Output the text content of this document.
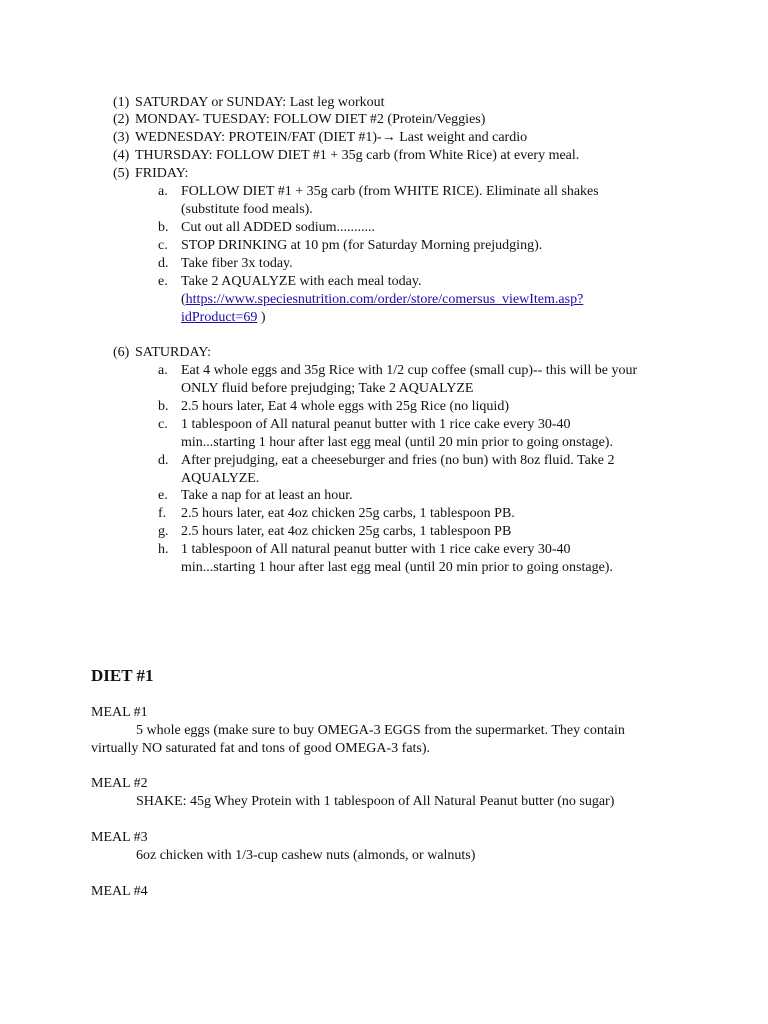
(1) SATURDAY or SUNDAY: Last leg workout
(2) MONDAY- TUESDAY: FOLLOW DIET #2 (Protein/Veggies)
(3) WEDNESDAY: PROTEIN/FAT (DIET #1)-→ Last weight and cardio
(4) THURSDAY: FOLLOW DIET #1 + 35g carb (from White Rice) at every meal.
(5) FRIDAY:
a. FOLLOW DIET #1 + 35g carb (from WHITE RICE). Eliminate all shakes
(substitute food meals).
b. Cut out all ADDED sodium...........
c. STOP DRINKING at 10 pm (for Saturday Morning prejudging).
d. Take fiber 3x today.
e. Take 2 AQUALYZE with each meal today.
(https://www.speciesnutrition.com/order/store/comersus_viewItem.asp?
idProduct=69 )
(6) SATURDAY:
a. Eat 4 whole eggs and 35g Rice with 1/2 cup coffee (small cup)-- this will be your
ONLY fluid before prejudging; Take 2 AQUALYZE
b. 2.5 hours later, Eat 4 whole eggs with 25g Rice (no liquid)
c. 1 tablespoon of All natural peanut butter with 1 rice cake every 30-40
min...starting 1 hour after last egg meal (until 20 min prior to going onstage).
d. After prejudging, eat a cheeseburger and fries (no bun) with 8oz fluid. Take 2
AQUALYZE.
e. Take a nap for at least an hour.
f. 2.5 hours later, eat 4oz chicken 25g carbs, 1 tablespoon PB.
g. 2.5 hours later, eat 4oz chicken 25g carbs, 1 tablespoon PB
h. 1 tablespoon of All natural peanut butter with 1 rice cake every 30-40
min...starting 1 hour after last egg meal (until 20 min prior to going onstage).
DIET #1
MEAL #1
5 whole eggs (make sure to buy OMEGA-3 EGGS from the supermarket. They contain
virtually NO saturated fat and tons of good OMEGA-3 fats).
MEAL #2
SHAKE: 45g Whey Protein with 1 tablespoon of All Natural Peanut butter (no sugar)
MEAL #3
6oz chicken with 1/3-cup cashew nuts (almonds, or walnuts)
MEAL #4
